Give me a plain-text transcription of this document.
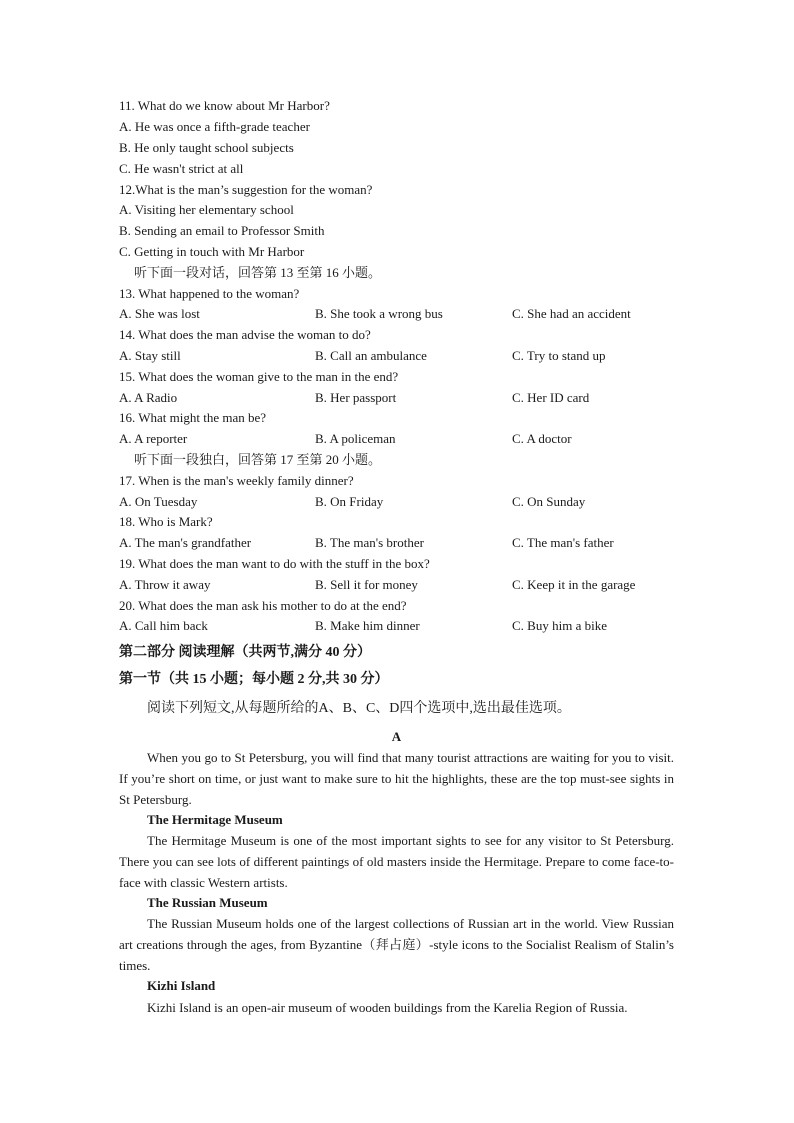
11. What do we know about Mr Harbor?
A. He was once a fifth-grade teacher
B. He only taught school subjects
C. He wasn't strict at all
12.What is the man’s suggestion for the woman?
A. Visiting her elementary school
B. Sending an email to Professor Smith
C. Getting in touch with Mr Harbor
听下面一段对话，回答第 13 至第 16 小题。
13. What happened to the woman?
A. She was lost	B. She took a wrong bus	C. She had an accident
14. What does the man advise the woman to do?
A. Stay still	B. Call an ambulance	C. Try to stand up
15. What does the woman give to the man in the end?
A. A Radio	B. Her passport	C. Her ID card
16. What might the man be?
A. A reporter	B. A policeman	C. A doctor
听下面一段独白，回答第 17 至第 20 小题。
17. When is the man's weekly family dinner?
A. On Tuesday	B. On Friday	C. On Sunday
18. Who is Mark?
A. The man's grandfather	B. The man's brother	C. The man's father
19. What does the man want to do with the stuff in the box?
A. Throw it away	B. Sell it for money	C. Keep it in the garage
20. What does the man ask his mother to do at the end?
A. Call him back	B. Make him dinner	C. Buy him a bike
第二部分 阅读理解（共两节,满分 40 分）
第一节（共 15 小题；每小题 2 分,共 30 分）
阅读下列短文,从每题所给的A、B、C、D四个选项中,选出最佳选项。
A
When you go to St Petersburg, you will find that many tourist attractions are waiting for you to visit. If you’re short on time, or just want to make sure to hit the highlights, these are the top must-see sights in St Petersburg.
The Hermitage Museum
The Hermitage Museum is one of the most important sights to see for any visitor to St Petersburg. There you can see lots of different paintings of old masters inside the Hermitage. Prepare to come face-to-face with classic Western artists.
The Russian Museum
The Russian Museum holds one of the largest collections of Russian art in the world. View Russian art creations through the ages, from Byzantine（拜占庭）-style icons to the Socialist Realism of Stalin’s times.
Kizhi Island
Kizhi Island is an open-air museum of wooden buildings from the Karelia Region of Russia.
